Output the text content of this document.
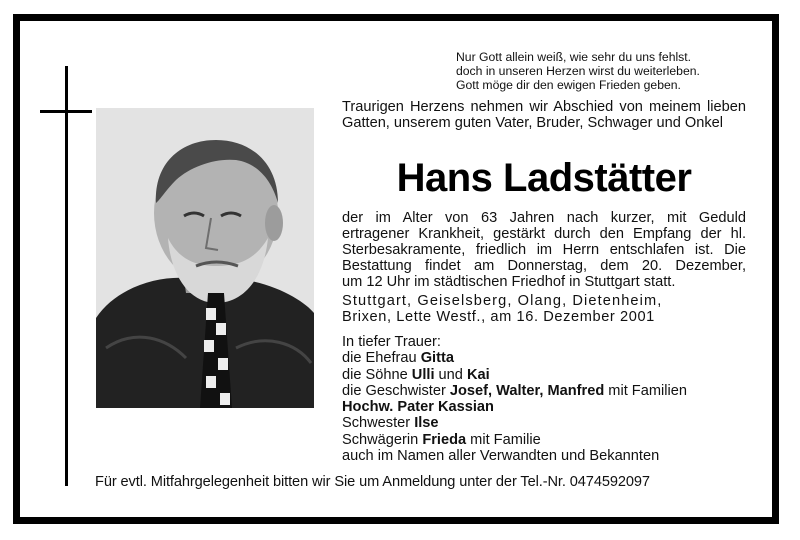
Nur Gott allein weiß, wie sehr du uns fehlst.
doch in unseren Herzen wirst du weiterleben.
Gott möge dir den ewigen Frieden geben.
Traurigen Herzens nehmen wir Abschied von meinem lieben Gatten, unserem guten Vater, Bruder, Schwager und Onkel
Hans Ladstätter
der im Alter von 63 Jahren nach kurzer, mit Geduld
ertragener Krankheit, gestärkt durch den Empfang der hl.
Sterbesakramente, friedlich im Herrn entschlafen ist. Die
Bestattung findet am Donnerstag, dem 20. Dezember,
um 12 Uhr im städtischen Friedhof in Stuttgart statt.
Stuttgart, Geiselsberg, Olang, Dietenheim,
Brixen, Lette Westf., am 16. Dezember 2001
In tiefer Trauer:
die Ehefrau Gitta
die Söhne Ulli und Kai
die Geschwister Josef, Walter, Manfred mit Familien
Hochw. Pater Kassian
Schwester Ilse
Schwägerin Frieda mit Familie
auch im Namen aller Verwandten und Bekannten
Für evtl. Mitfahrgelegenheit bitten wir Sie um Anmeldung unter der Tel.-Nr. 0474592097
